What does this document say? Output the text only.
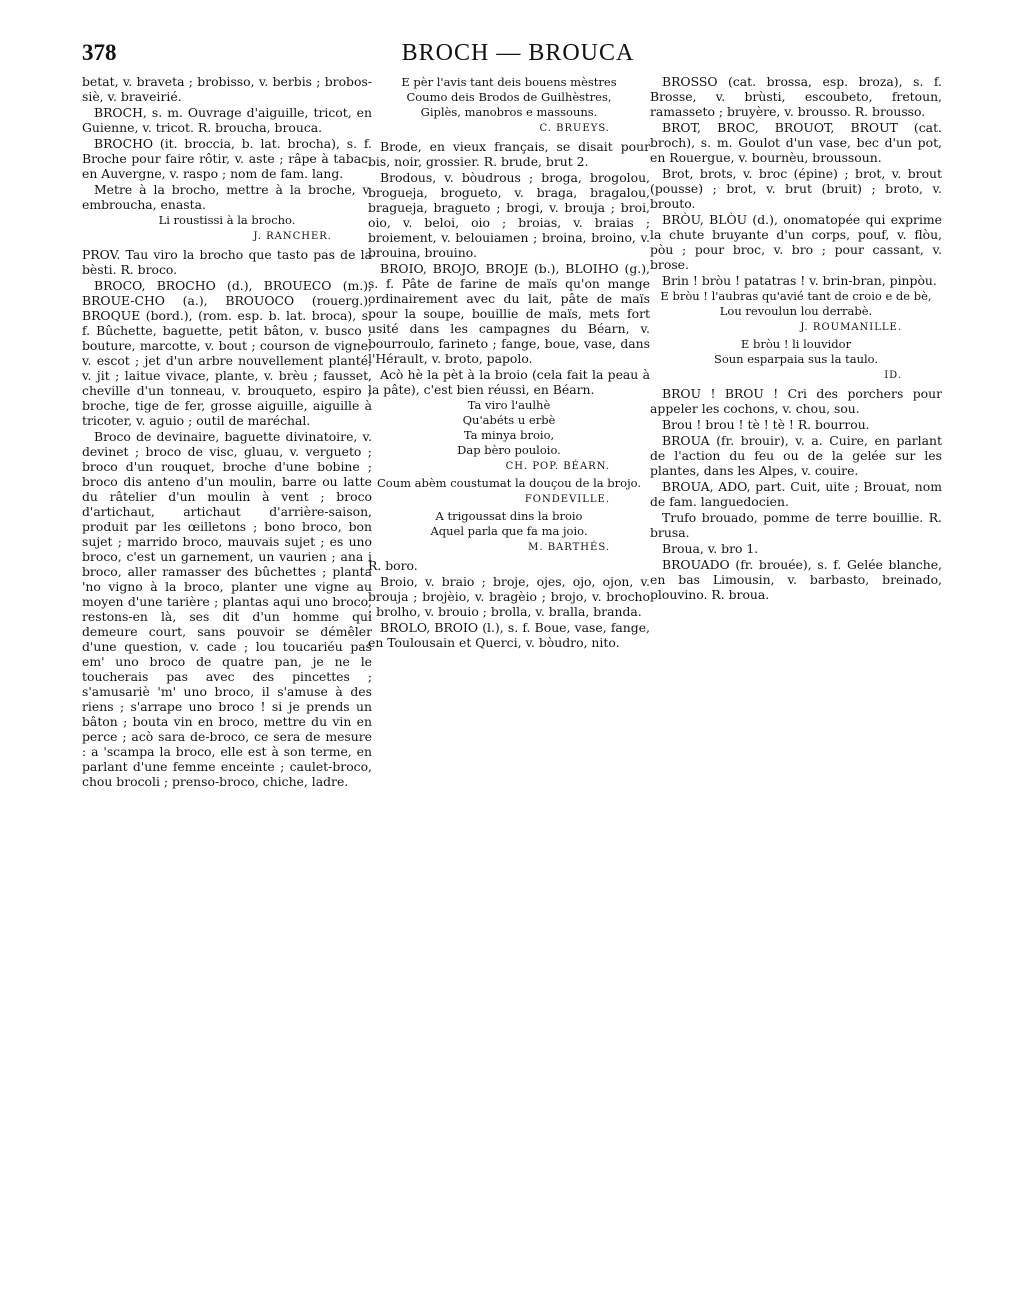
378	BROCH — BROUCA

betat, v. braveta ; brobisso, v. berbis ; brobos-siè, v. braveirié.

BROCH, s. m. Ouvrage d'aiguille, tricot, en Guienne, v. tricot. R. broucha, brouca.

BROCHO (it. broccia, b. lat. brocha), s. f. Broche pour faire rôtir, v. aste ; râpe à tabac, en Auvergne, v. raspo ; nom de fam. lang.

Metre à la brocho, mettre à la broche, v. embroucha, enasta.

Li roustissi à la brocho.

J. RANCHER.

PROV. Tau viro la brocho que tasto pas de la bèsti. R. broco.

BROCO, BROCHO (d.), BROUECO (m.), BROUE-CHO (a.), BROUOCO (rouerg.), BROQUE (bord.), (rom. esp. b. lat. broca), s. f. Bûchette, baguette, petit bâton, v. busco ; bouture, marcotte, v. bout ; courson de vigne, v. escot ; jet d'un arbre nouvellement planté, v. jit ; laitue vivace, plante, v. brèu ; fausset, cheville d'un tonneau, v. brouqueto, espiro ; broche, tige de fer, grosse aiguille, aiguille à tricoter, v. aguio ; outil de maréchal.

Broco de devinaire, baguette divinatoire, v. devinet ; broco de visc, gluau, v. vergueto ; broco d'un rouquet, broche d'une bobine ; broco dis anteno d'un moulin, barre ou latte du râtelier d'un moulin à vent ; broco d'artichaut, artichaut d'arrière-saison, produit par les œilletons ; bono broco, bon sujet ; marrido broco, mauvais sujet ; es uno broco, c'est un garnement, un vaurien ; ana i broco, aller ramasser des bûchettes ; planta 'no vigno à la broco, planter une vigne au moyen d'une tarière ; plantas aqui uno broco, restons-en là, ses dit d'un homme qui demeure court, sans pouvoir se démêler d'une question, v. cade ; lou toucariéu pas em' uno broco de quatre pan, je ne le toucherais pas avec des pincettes ; s'amusariè 'm' uno broco, il s'amuse à des riens ; s'arrape uno broco ! si je prends un bâton ; bouta vin en broco, mettre du vin en perce ; acò sara de-broco, ce sera de mesure : a 'scampa la broco, elle est à son terme, en parlant d'une femme enceinte ; caulet-broco, chou brocoli ; prenso-broco, chiche, ladre.

E pèr l'avis tant deis bouens mèstres

Coumo deis Brodos de Guilhèstres,

Giplès, manobros e massouns.

C. BRUEYS.

Brode, en vieux français, se disait pour bis, noir, grossier. R. brude, brut 2.

Brodous, v. bòudrous ; broga, brogolou, brogueja, brogueto, v. braga, bragalou, bragueja, bragueto ; brogi, v. brouja ; broi, oio, v. beloi, oio ; broias, v. braias ; broiement, v. belouiamen ; broina, broino, v. brouina, brouino.

BROIO, BROJO, BROJE (b.), BLOIHO (g.), s. f. Pâte de farine de maïs qu'on mange ordinairement avec du lait, pâte de maïs pour la soupe, bouillie de maïs, mets fort usité dans les campagnes du Béarn, v. bourroulo, farineto ; fange, boue, vase, dans l'Hérault, v. broto, papolo.

Acò hè la pèt à la broio (cela fait la peau à la pâte), c'est bien réussi, en Béarn.

Ta viro l'aulhè

Qu'abéts u erbè

Ta minya broio,

Dap bèro pouloio.

CH. POP. BÉARN.

Coum abèm coustumat la douçou de la brojo.

FONDEVILLE.

A trigoussat dins la broio

Aquel parla que fa ma joio.

M. BARTHÉS.

R. boro.

Broio, v. braio ; broje, ojes, ojo, ojon, v. brouja ; brojèio, v. bragèio ; brojo, v. brocho ; brolho, v. brouio ; brolla, v. bralla, branda.

BROLO, BROIO (l.), s. f. Boue, vase, fange, en Toulousain et Querci, v. bòudro, nito.

BROSSO (cat. brossa, esp. broza), s. f. Brosse, v. brùsti, escoubeto, fretoun, ramasseto ; bruyère, v. brousso. R. brousso.

BROT, BROC, BROUOT, BROUT (cat. broch), s. m. Goulot d'un vase, bec d'un pot, en Rouergue, v. bournèu, broussoun.

Brot, brots, v. broc (épine) ; brot, v. brout (pousse) ; brot, v. brut (bruit) ; broto, v. brouto.

BRÒU, BLÒU (d.), onomatopée qui exprime la chute bruyante d'un corps, pouf, v. flòu, pòu ; pour broc, v. bro ; pour cassant, v. brose.

Brin ! bròu ! patatras ! v. brin-bran, pinpòu.

E bròu ! l'aubras qu'avié tant de croio e de bè,

Lou revoulun lou derrabè.

J. ROUMANILLE.

E bròu ! li louvidor

Soun esparpaia sus la taulo.

ID.

BROU ! BROU ! Cri des porchers pour appeler les cochons, v. chou, sou.

Brou ! brou ! tè ! tè ! R. bourrou.

BROUA (fr. brouir), v. a. Cuire, en parlant de l'action du feu ou de la gelée sur les plantes, dans les Alpes, v. couire.

BROUA, ADO, part. Cuit, uite ; Brouat, nom de fam. languedocien.

Trufo brouado, pomme de terre bouillie. R. brusa.

Broua, v. bro 1.

BROUADO (fr. brouée), s. f. Gelée blanche, en bas Limousin, v. barbasto, breinado, plouvino. R. broua.
